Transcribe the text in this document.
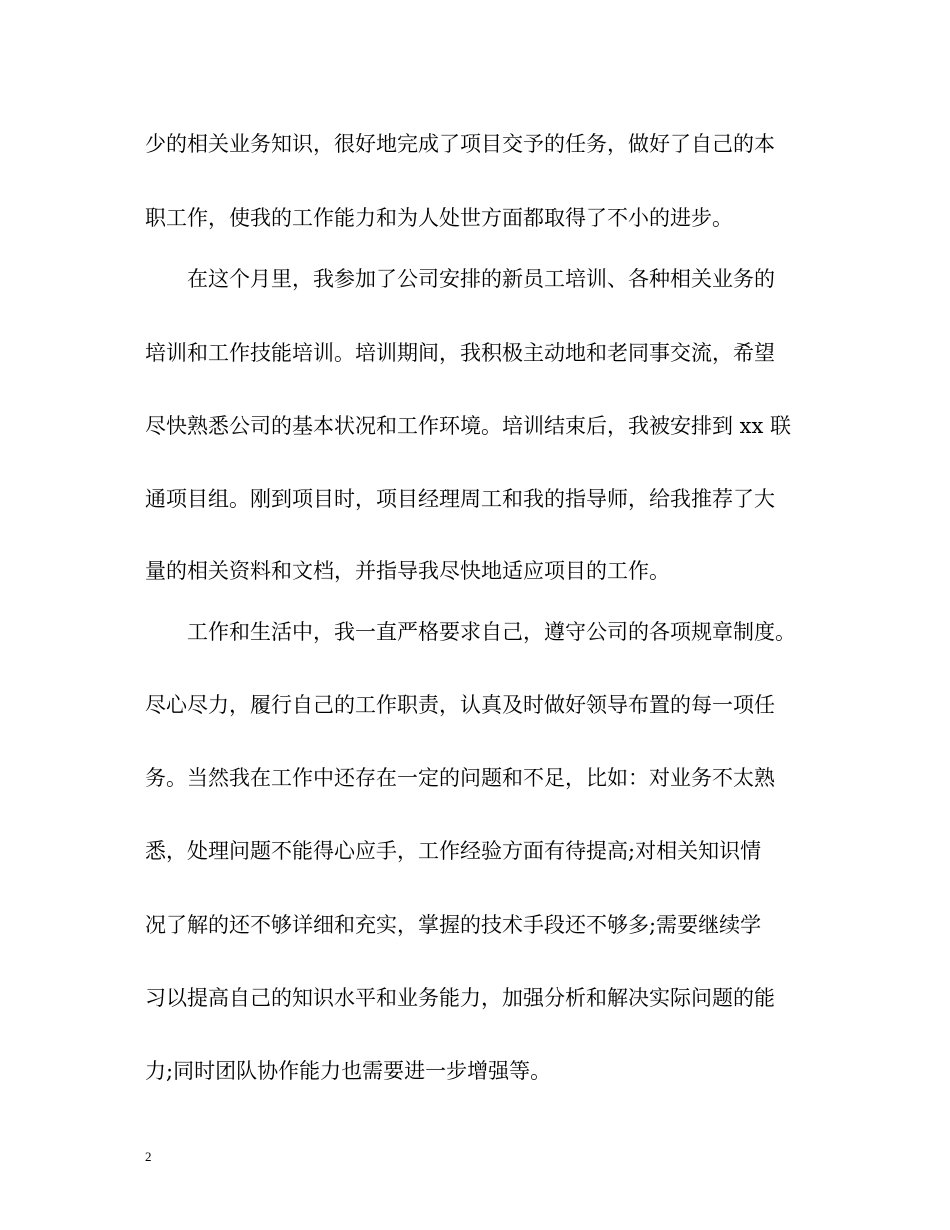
少的相关业务知识，很好地完成了项目交予的任务，做好了自己的本
职工作，使我的工作能力和为人处世方面都取得了不小的进步。
在这个月里，我参加了公司安排的新员工培训、各种相关业务的
培训和工作技能培训。培训期间，我积极主动地和老同事交流，希望
尽快熟悉公司的基本状况和工作环境。培训结束后，我被安排到 xx 联
通项目组。刚到项目时，项目经理周工和我的指导师，给我推荐了大
量的相关资料和文档，并指导我尽快地适应项目的工作。
工作和生活中，我一直严格要求自己，遵守公司的各项规章制度。
尽心尽力，履行自己的工作职责，认真及时做好领导布置的每一项任
务。当然我在工作中还存在一定的问题和不足，比如：对业务不太熟
悉，处理问题不能得心应手，工作经验方面有待提高;对相关知识情
况了解的还不够详细和充实，掌握的技术手段还不够多;需要继续学
习以提高自己的知识水平和业务能力，加强分析和解决实际问题的能
力;同时团队协作能力也需要进一步增强等。
2
